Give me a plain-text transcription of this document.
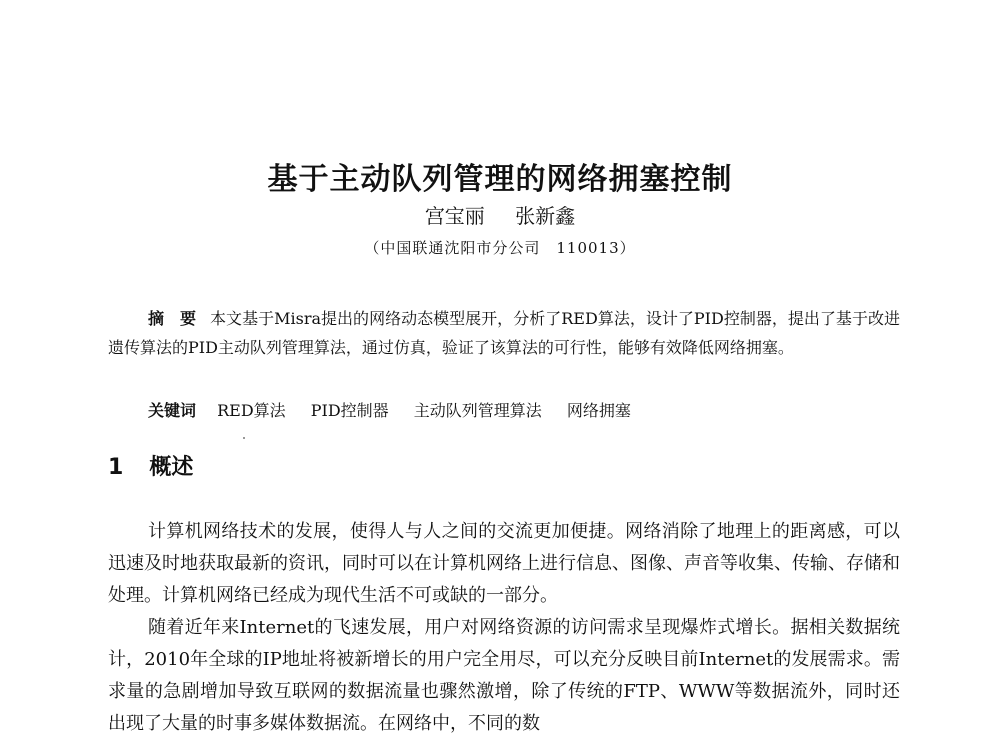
基于主动队列管理的网络拥塞控制
宫宝丽 张新鑫
（中国联通沈阳市分公司　110013）
摘　要 本文基于Misra提出的网络动态模型展开，分析了RED算法，设计了PID控制器，提出了基于改进遗传算法的PID主动队列管理算法，通过仿真，验证了该算法的可行性，能够有效降低网络拥塞。
关键词 RED算法 PID控制器 主动队列管理算法 网络拥塞
1 概述

计算机网络技术的发展，使得人与人之间的交流更加便捷。网络消除了地理上的距离感，可以迅速及时地获取最新的资讯，同时可以在计算机网络上进行信息、图像、声音等收集、传输、存储和处理。计算机网络已经成为现代生活不可或缺的一部分。

随着近年来Internet的飞速发展，用户对网络资源的访问需求呈现爆炸式增长。据相关数据统计，2010年全球的IP地址将被新增长的用户完全用尽，可以充分反映目前Internet的发展需求。需求量的急剧增加导致互联网的数据流量也骤然激增，除了传统的FTP、WWW等数据流外，同时还出现了大量的时事多媒体数据流。在网络中，不同的数
